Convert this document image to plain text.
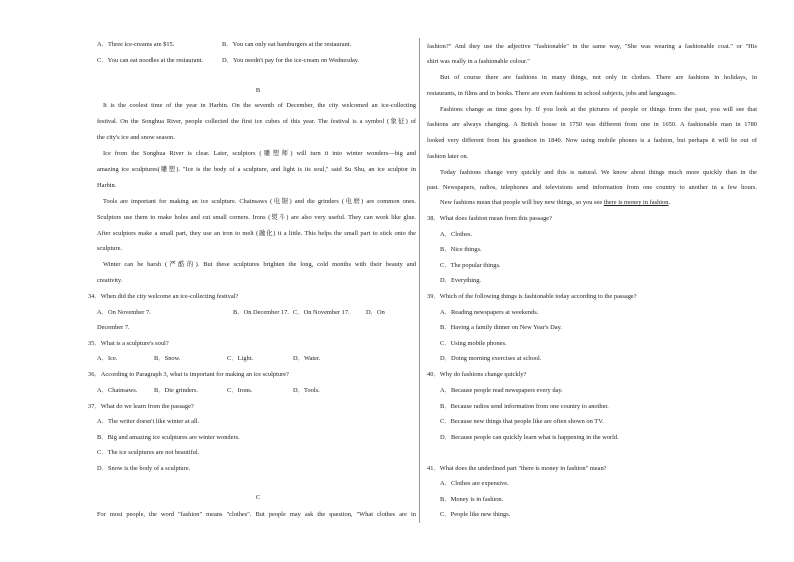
A．Three ice-creams are $15.	B．You can only eat hamburgers at the restaurant.
C．You can eat noodles at the restaurant.	D．You needn't pay for the ice-cream on Wednesday.
B
It is the coolest time of the year in Harbin. On the seventh of December, the city welcomed an ice-collecting
festival. On the Songhua River, people collected the first ice cubes of this year. The festival is a symbol (象征) of
the city's ice and snow season.
Ice from the Songhua River is clear. Later, sculptors (雕塑师) will turn it into winter wonders—big and
amazing ice sculptures(雕塑). "Ice is the body of a sculpture, and light is its soul," said Su Shu, an ice sculptor in
Harbin.
Tools are important for making an ice sculpture. Chainsaws (电锯) and die grinders (电磨) are common ones.
Sculptors use them to make holes and cut small corners. Irons (熨斗) are also very useful. They can work like glue.
After sculptors make a small part, they use an iron to melt (融化) it a little. This helps the small part to stick onto the
sculpture.
Winter can be harsh (严酷的). But these sculptures brighten the long, cold months with their beauty and
creativity.
34．When did the city welcome an ice-collecting festival?
A．On November 7.	B．On December 17. C．On November 17.	D．On
December 7.
35．What is a sculpture's soul?
A．Ice.	B．Snow.	C．Light.	D．Water.
36．According to Paragraph 3, what is important for making an ice sculpture?
A．Chainsaws.	B．Die grinders.	C．Irons.	D．Tools.
37．What do we learn from the passage?
A．The writer doesn't like winter at all.
B．Big and amazing ice sculptures are winter wonders.
C．The ice sculptures are not beautiful.
D．Snow is the body of a sculpture.
C
For most people, the word "fashion" means "clothes". But people may ask the question, "What clothes are in
fashion?" And they use the adjective "fashionable" in the same way, "She was wearing a fashionable coat." or "His
shirt was really in a fashionable colour."
But of course there are fashions in many things, not only in clothes. There are fashions in holidays, in
restaurants, in films and in books. There are even fashions in school subjects, jobs and languages.
Fashions change as time goes by. If you look at the pictures of people or things from the past, you will see that
fashions are always changing. A British house in 1750 was different from one in 1650. A fashionable man in 1780
looked very different from his grandson in 1840. Now using mobile phones is a fashion, but perhaps it will be out of
fashion later on.
Today fashions change very quickly and this is natural. We know about things much more quickly than in the
past. Newspapers, radios, telephones and televisions send information from one country to another in a few hours.
New fashions mean that people will buy new things, so you see there is money in fashion.
38．What does fashion mean from this passage?
A．Clothes.
B．Nice things.
C．The popular things.
D．Everything.
39．Which of the following things is fashionable today according to the passage?
A．Reading newspapers at weekends.
B．Having a family dinner on New Year's Day.
C．Using mobile phones.
D．Doing morning exercises at school.
40．Why do fashions change quickly?
A．Because people read newspapers every day.
B．Because radios send information from one country to another.
C．Because new things that people like are often shown on TV.
D．Because people can quickly learn what is happening in the world.
41．What does the underlined part "there is money in fashion" mean?
A．Clothes are expensive.
B．Money is in fashion.
C．People like new things.
